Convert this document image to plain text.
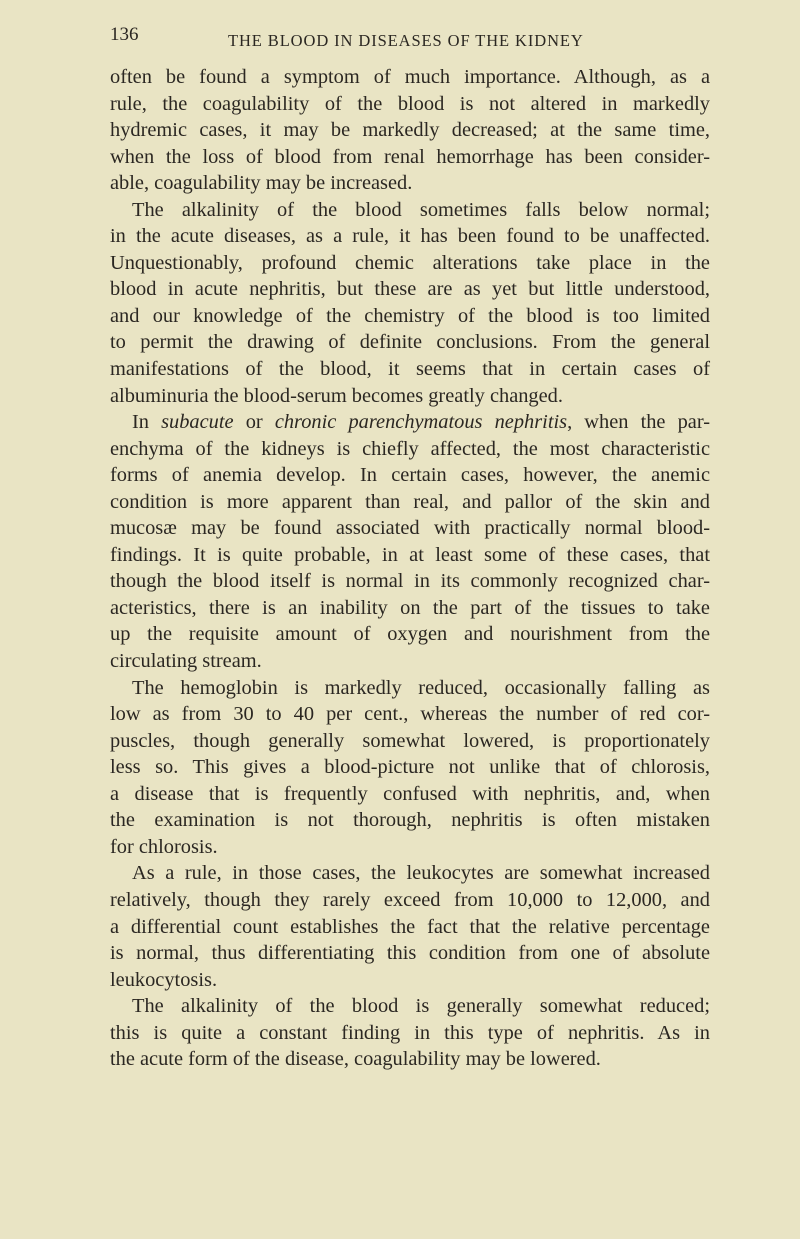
136	THE BLOOD IN DISEASES OF THE KIDNEY
often be found a symptom of much importance. Although, as a
rule, the coagulability of the blood is not altered in markedly
hydremic cases, it may be markedly decreased; at the same time,
when the loss of blood from renal hemorrhage has been consider-
able, coagulability may be increased.
The alkalinity of the blood sometimes falls below normal;
in the acute diseases, as a rule, it has been found to be unaffected.
Unquestionably, profound chemic alterations take place in the
blood in acute nephritis, but these are as yet but little understood,
and our knowledge of the chemistry of the blood is too limited
to permit the drawing of definite conclusions. From the general
manifestations of the blood, it seems that in certain cases of
albuminuria the blood-serum becomes greatly changed.
In subacute or chronic parenchymatous nephritis, when the par-
enchyma of the kidneys is chiefly affected, the most characteristic
forms of anemia develop. In certain cases, however, the anemic
condition is more apparent than real, and pallor of the skin and
mucosæ may be found associated with practically normal blood-
findings. It is quite probable, in at least some of these cases, that
though the blood itself is normal in its commonly recognized char-
acteristics, there is an inability on the part of the tissues to take
up the requisite amount of oxygen and nourishment from the
circulating stream.
The hemoglobin is markedly reduced, occasionally falling as
low as from 30 to 40 per cent., whereas the number of red cor-
puscles, though generally somewhat lowered, is proportionately
less so. This gives a blood-picture not unlike that of chlorosis,
a disease that is frequently confused with nephritis, and, when
the examination is not thorough, nephritis is often mistaken
for chlorosis.
As a rule, in those cases, the leukocytes are somewhat increased
relatively, though they rarely exceed from 10,000 to 12,000, and
a differential count establishes the fact that the relative percentage
is normal, thus differentiating this condition from one of absolute
leukocytosis.
The alkalinity of the blood is generally somewhat reduced;
this is quite a constant finding in this type of nephritis. As in
the acute form of the disease, coagulability may be lowered.
